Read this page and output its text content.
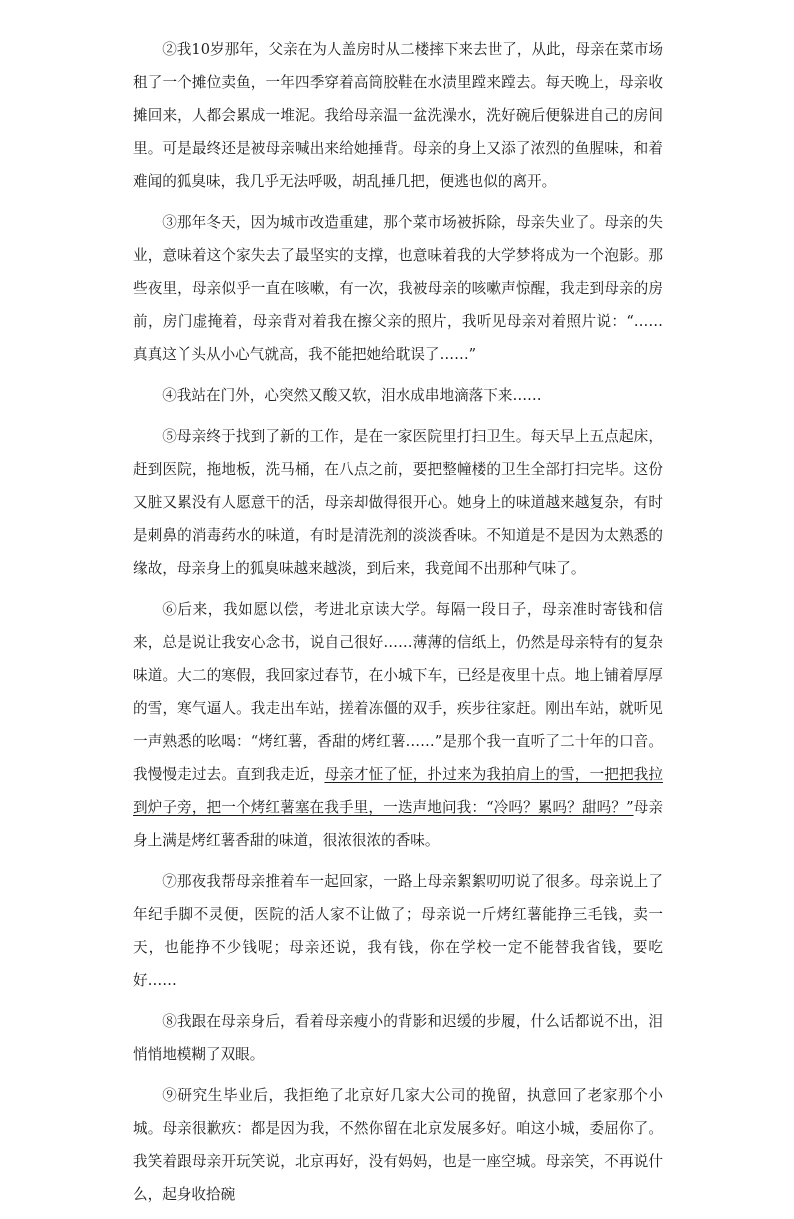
②我10岁那年，父亲在为人盖房时从二楼摔下来去世了，从此，母亲在菜市场租了一个摊位卖鱼，一年四季穿着高筒胶鞋在水渍里蹚来蹚去。每天晚上，母亲收摊回来，人都会累成一堆泥。我给母亲温一盆洗澡水，洗好碗后便躲进自己的房间里。可是最终还是被母亲喊出来给她捶背。母亲的身上又添了浓烈的鱼腥味，和着难闻的狐臭味，我几乎无法呼吸，胡乱捶几把，便逃也似的离开。

③那年冬天，因为城市改造重建，那个菜市场被拆除，母亲失业了。母亲的失业，意味着这个家失去了最坚实的支撑，也意味着我的大学梦将成为一个泡影。那些夜里，母亲似乎一直在咳嗽，有一次，我被母亲的咳嗽声惊醒，我走到母亲的房前，房门虚掩着，母亲背对着我在擦父亲的照片，我听见母亲对着照片说：“……真真这丫头从小心气就高，我不能把她给耽误了……”

④我站在门外，心突然又酸又软，泪水成串地滴落下来……

⑤母亲终于找到了新的工作，是在一家医院里打扫卫生。每天早上五点起床，赶到医院，拖地板，洗马桶，在八点之前，要把整幢楼的卫生全部打扫完毕。这份又脏又累没有人愿意干的活，母亲却做得很开心。她身上的味道越来越复杂，有时是刺鼻的消毒药水的味道，有时是清洗剂的淡淡香味。不知道是不是因为太熟悉的缘故，母亲身上的狐臭味越来越淡，到后来，我竟闻不出那种气味了。

⑥后来，我如愿以偿，考进北京读大学。每隔一段日子，母亲准时寄钱和信来，总是说让我安心念书，说自己很好……薄薄的信纸上，仍然是母亲特有的复杂味道。大二的寒假，我回家过春节，在小城下车，已经是夜里十点。地上铺着厚厚的雪，寒气逼人。我走出车站，搓着冻僵的双手，疾步往家赶。刚出车站，就听见一声熟悉的吆喝：“烤红薯，香甜的烤红薯……”是那个我一直听了二十年的口音。我慢慢走过去。直到我走近，母亲才怔了怔，扑过来为我拍肩上的雪，一把把我拉到炉子旁，把一个烤红薯塞在我手里，一迭声地问我：“冷吗？累吗？甜吗？”母亲身上满是烤红薯香甜的味道，很浓很浓的香味。

⑦那夜我帮母亲推着车一起回家，一路上母亲絮絮叨叨说了很多。母亲说上了年纪手脚不灵便，医院的活人家不让做了；母亲说一斤烤红薯能挣三毛钱，卖一天，也能挣不少钱呢；母亲还说，我有钱，你在学校一定不能替我省钱，要吃好……

⑧我跟在母亲身后，看着母亲瘦小的背影和迟缓的步履，什么话都说不出，泪悄悄地模糊了双眼。

⑨研究生毕业后，我拒绝了北京好几家大公司的挽留，执意回了老家那个小城。母亲很歉疚：都是因为我，不然你留在北京发展多好。咱这小城，委屈你了。我笑着跟母亲开玩笑说，北京再好，没有妈妈，也是一座空城。母亲笑，不再说什么，起身收拾碗
